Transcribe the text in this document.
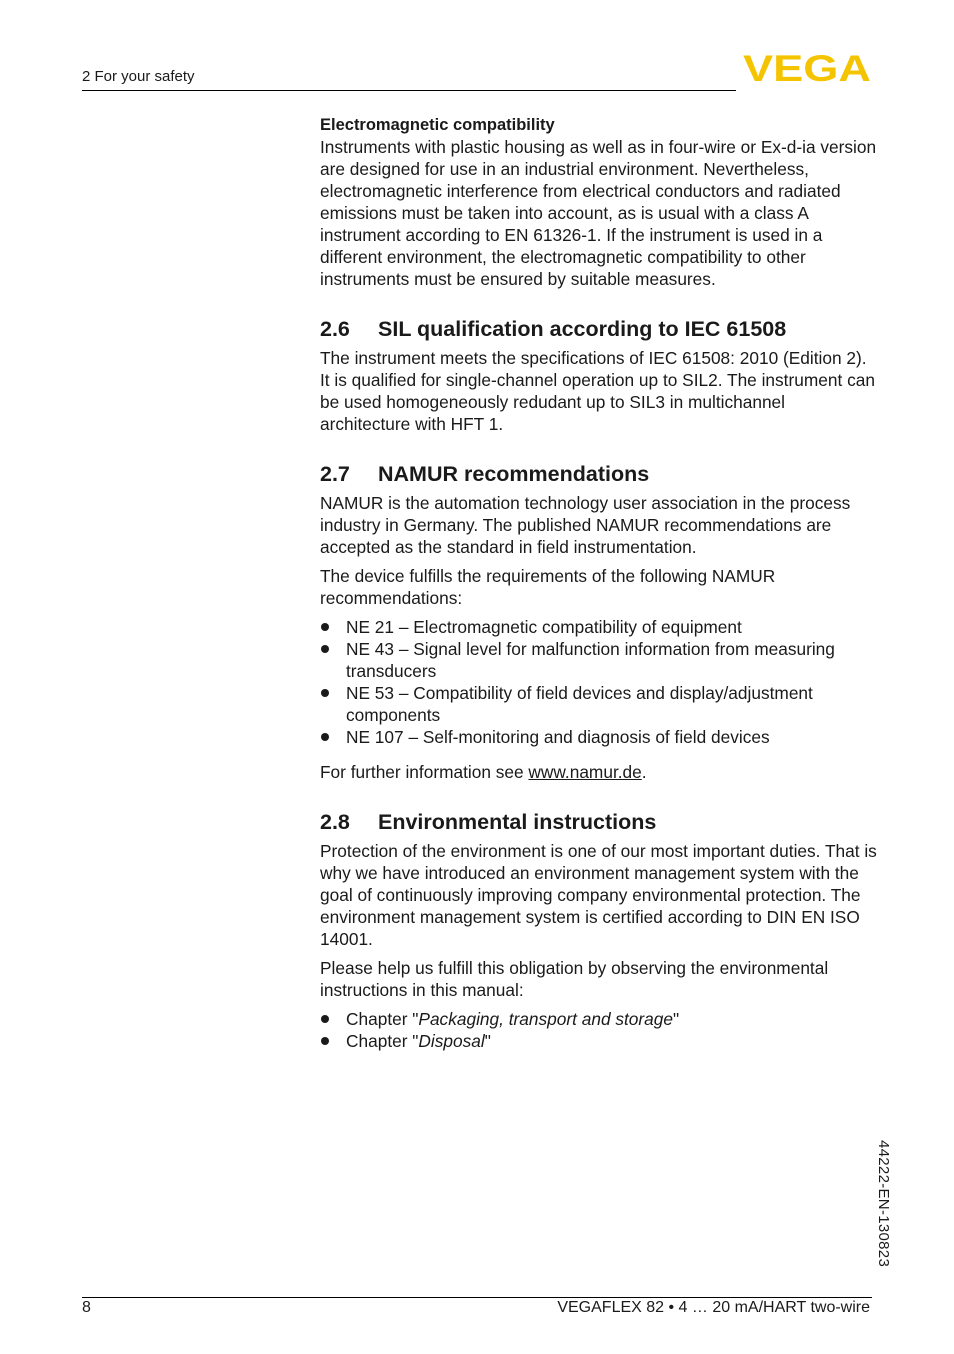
2 For your safety	VEGA

Electromagnetic compatibility

Instruments with plastic housing as well as in four-wire or Ex-d-ia version are designed for use in an industrial environment. Nevertheless, electromagnetic interference from electrical conductors and radiated emissions must be taken into account, as is usual with a class A instrument according to EN 61326-1. If the instrument is used in a different environment, the electromagnetic compatibility to other instruments must be ensured by suitable measures.

2.6	SIL qualification according to IEC 61508

The instrument meets the specifications of IEC 61508: 2010 (Edition 2). It is qualified for single-channel operation up to SIL2. The instrument can be used homogeneously redudant up to SIL3 in multichannel architecture with HFT 1.

2.7	NAMUR recommendations

NAMUR is the automation technology user association in the process industry in Germany. The published NAMUR recommendations are accepted as the standard in field instrumentation.

The device fulfills the requirements of the following NAMUR recommendations:

NE 21 – Electromagnetic compatibility of equipment
NE 43 – Signal level for malfunction information from measuring transducers
NE 53 – Compatibility of field devices and display/adjustment components
NE 107 – Self-monitoring and diagnosis of field devices

For further information see www.namur.de.

2.8	Environmental instructions

Protection of the environment is one of our most important duties. That is why we have introduced an environment management system with the goal of continuously improving company environmental protection. The environment management system is certified according to DIN EN ISO 14001.

Please help us fulfill this obligation by observing the environmental instructions in this manual:

Chapter "Packaging, transport and storage"
Chapter "Disposal"
44222-EN-130823
8	VEGAFLEX 82 • 4 … 20 mA/HART two-wire
